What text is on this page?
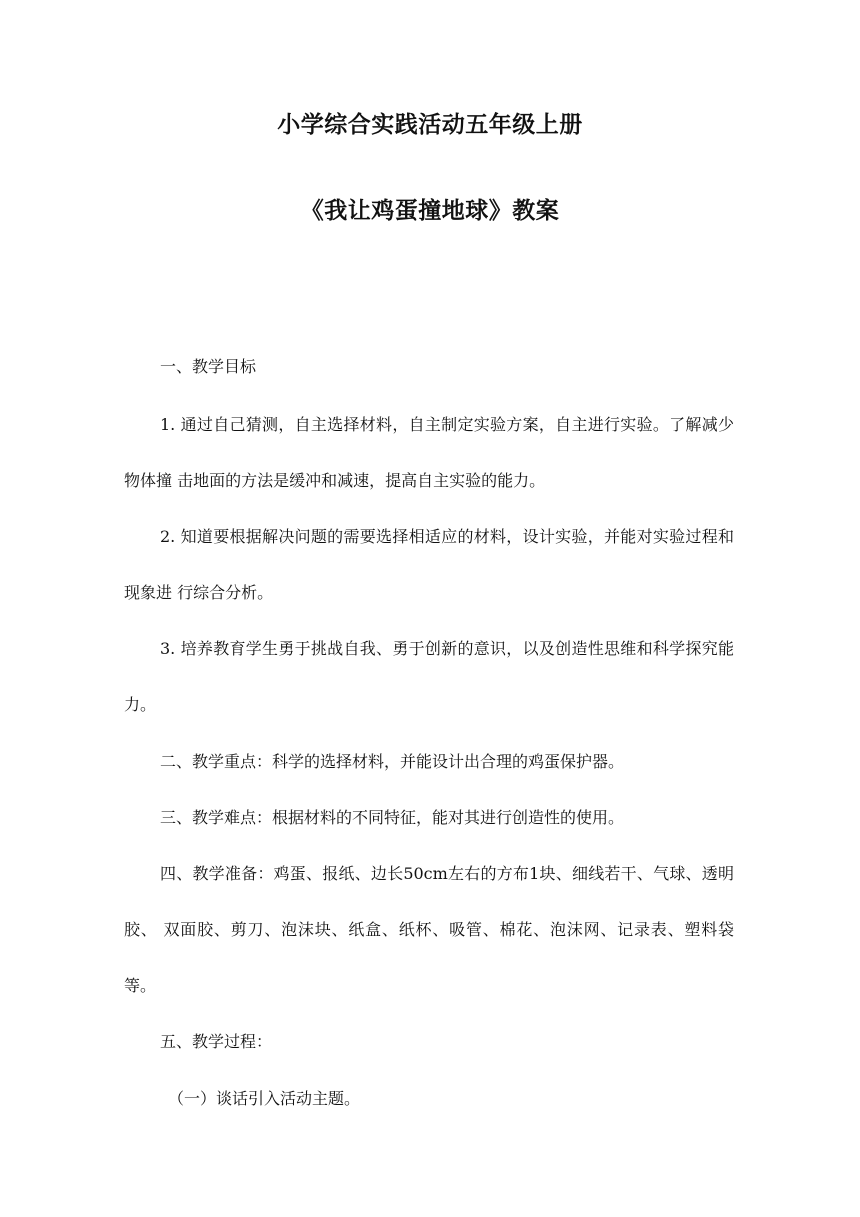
小学综合实践活动五年级上册
《我让鸡蛋撞地球》教案

一、教学目标

1. 通过自己猜测，自主选择材料，自主制定实验方案，自主进行实验。了解减少物体撞 击地面的方法是缓冲和减速，提高自主实验的能力。

2. 知道要根据解决问题的需要选择相适应的材料，设计实验，并能对实验过程和现象进 行综合分析。

3. 培养教育学生勇于挑战自我、勇于创新的意识，以及创造性思维和科学探究能力。

二、教学重点：科学的选择材料，并能设计出合理的鸡蛋保护器。

三、教学难点：根据材料的不同特征，能对其进行创造性的使用。

四、教学准备：鸡蛋、报纸、边长50cm左右的方布1块、细线若干、气球、透明胶、 双面胶、剪刀、泡沫块、纸盒、纸杯、吸管、棉花、泡沫网、记录表、塑料袋等。

五、教学过程：

（一）谈话引入活动主题。
